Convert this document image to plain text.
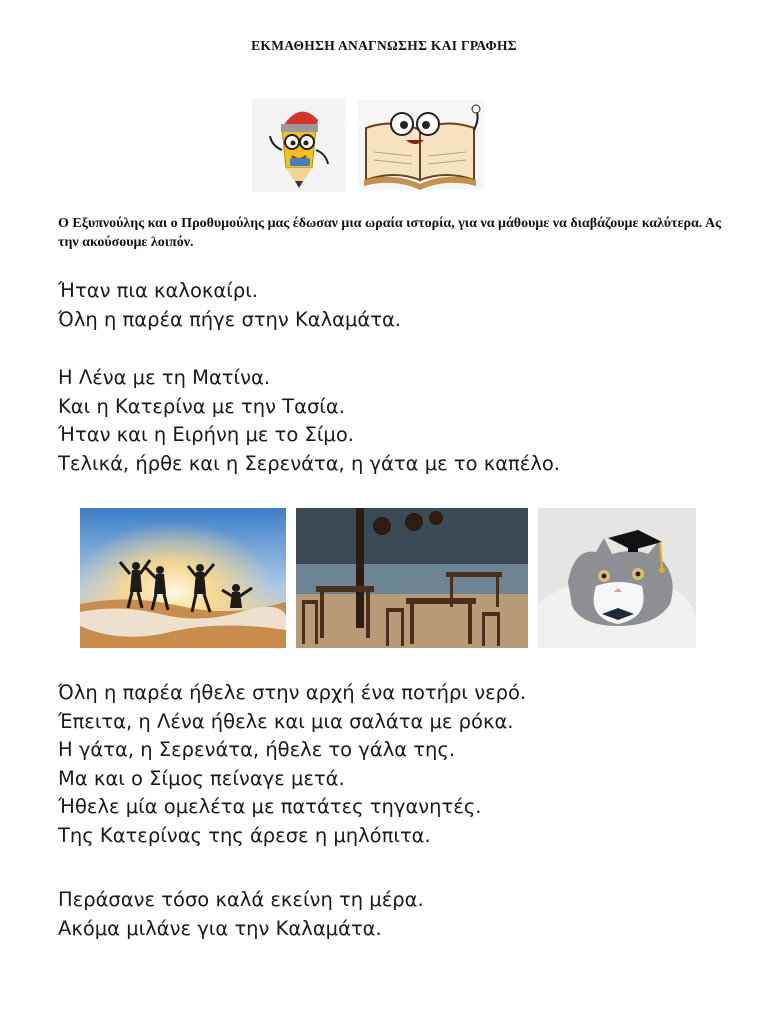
ΕΚΜΑΘΗΣΗ ΑΝΑΓΝΩΣΗΣ ΚΑΙ ΓΡΑΦΗΣ
Ο Εξυπνούλης και ο Προθυμούλης μας έδωσαν μια ωραία ιστορία, για να μάθουμε να διαβάζουμε καλύτερα. Ας την ακούσουμε λοιπόν.

Ήταν πια καλοκαίρι.

Όλη η παρέα πήγε στην Καλαμάτα.

Η Λένα με τη Ματίνα.

Και η Κατερίνα με την Τασία.

Ήταν και η Ειρήνη με το Σίμο.

Τελικά, ήρθε και η Σερενάτα, η γάτα με το καπέλο.

Όλη η παρέα ήθελε στην αρχή ένα ποτήρι νερό.

Έπειτα, η Λένα ήθελε και μια σαλάτα με ρόκα.

Η γάτα, η Σερενάτα, ήθελε το γάλα της.

Μα και ο Σίμος πείναγε μετά.

Ήθελε μία ομελέτα με πατάτες τηγανητές.

Της Κατερίνας της άρεσε η μηλόπιτα.

Περάσανε τόσο καλά εκείνη τη μέρα.

Ακόμα μιλάνε για την Καλαμάτα.
